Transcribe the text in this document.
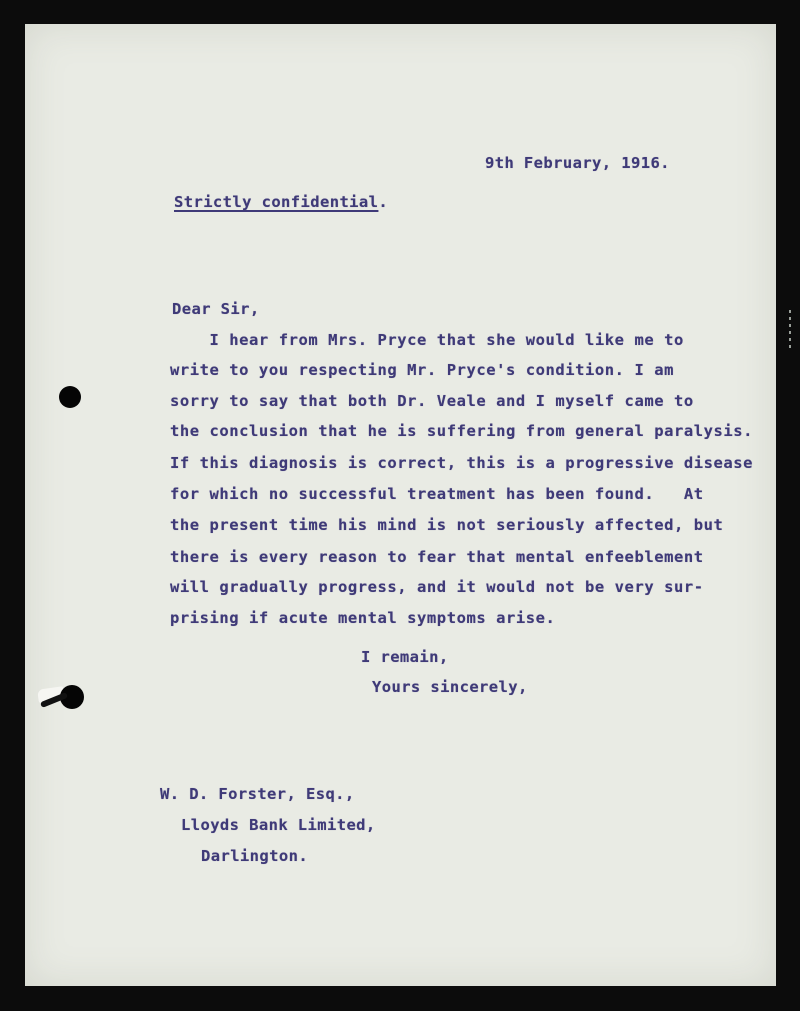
9th February, 1916.
Strictly confidential.
Dear Sir,
I hear from Mrs. Pryce that she would like me to
write to you respecting Mr. Pryce's condition. I am
sorry to say that both Dr. Veale and I myself came to
the conclusion that he is suffering from general paralysis.
If this diagnosis is correct, this is a progressive disease
for which no successful treatment has been found.   At
the present time his mind is not seriously affected, but
there is every reason to fear that mental enfeeblement
will gradually progress, and it would not be very sur-
prising if acute mental symptoms arise.
I remain,
Yours sincerely,
W. D. Forster, Esq.,
Lloyds Bank Limited,
Darlington.
